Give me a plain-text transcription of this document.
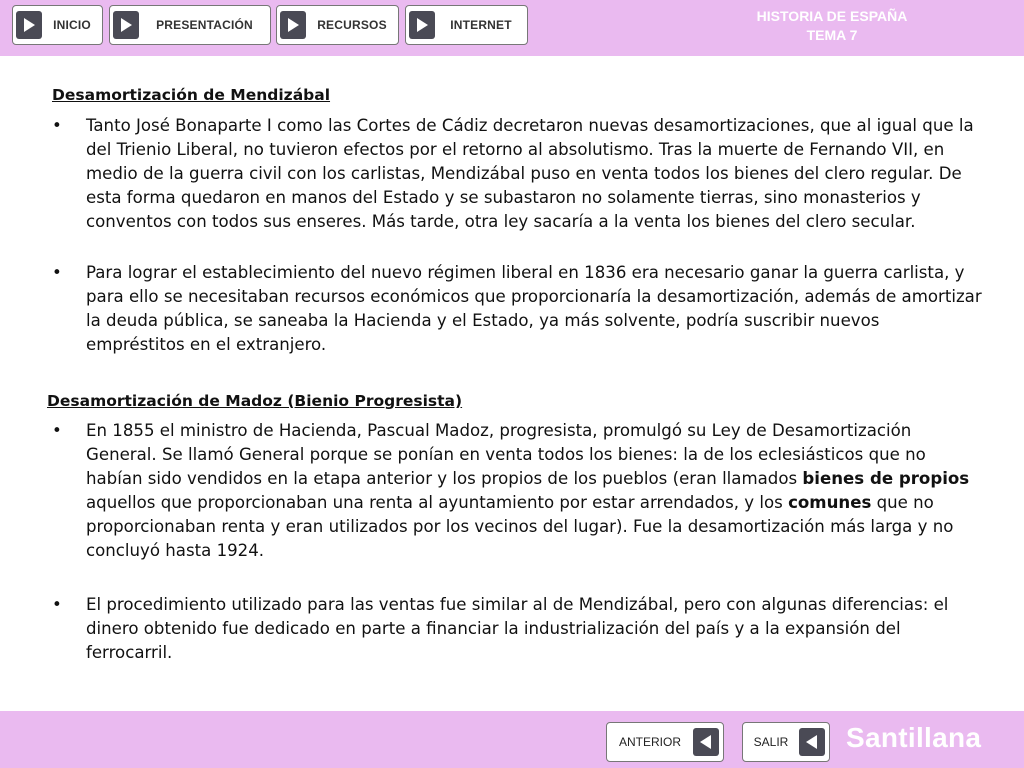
INICIO	PRESENTACIÓN	RECURSOS	INTERNET
HISTORIA DE ESPAÑA
TEMA 7
Desamortización de Mendizábal
•	Tanto José Bonaparte I como las Cortes de Cádiz decretaron nuevas desamortizaciones, que al igual que la del Trienio Liberal, no tuvieron efectos por el retorno al absolutismo. Tras la muerte de Fernando VII, en medio de la guerra civil con los carlistas, Mendizábal puso en venta todos los bienes del clero regular. De esta forma quedaron en manos del Estado y se subastaron no solamente tierras, sino monasterios y conventos con todos sus enseres. Más tarde, otra ley sacaría a la venta los bienes del clero secular.
•	Para lograr el establecimiento del nuevo régimen liberal en 1836 era necesario ganar la guerra carlista, y para ello se necesitaban recursos económicos que proporcionaría la desamortización, además de amortizar la deuda pública, se saneaba la Hacienda y el Estado, ya más solvente, podría suscribir nuevos empréstitos en el extranjero.
Desamortización de Madoz (Bienio Progresista)
•	En 1855 el ministro de Hacienda, Pascual Madoz, progresista, promulgó su Ley de Desamortización General. Se llamó General porque se ponían en venta todos los bienes: la de los eclesiásticos que no habían sido vendidos en la etapa anterior y los propios de los pueblos (eran llamados bienes de propios aquellos que proporcionaban una renta al ayuntamiento por estar arrendados, y los comunes que no proporcionaban renta y eran utilizados por los vecinos del lugar). Fue la desamortización más larga y no concluyó hasta 1924.
•	El procedimiento utilizado para las ventas fue similar al de Mendizábal, pero con algunas diferencias: el dinero obtenido fue dedicado en parte a financiar la industrialización del país y a la expansión del ferrocarril.
ANTERIOR	SALIR	Santillana
